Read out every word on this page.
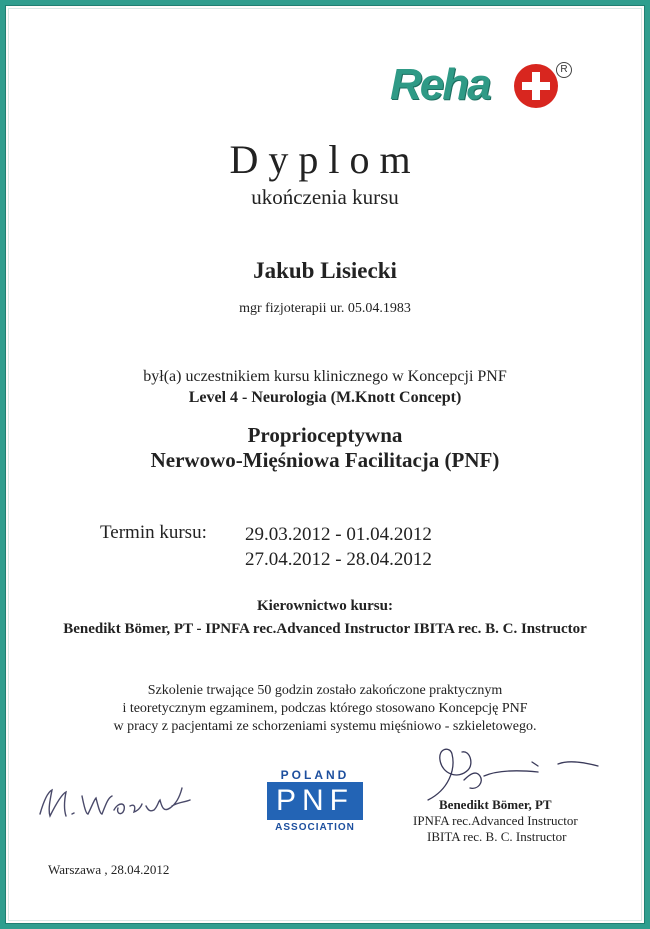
Reha	R
Dyplom
ukończenia kursu
Jakub Lisiecki
mgr fizjoterapii ur. 05.04.1983
był(a) uczestnikiem kursu klinicznego w Koncepcji PNF
Level 4 - Neurologia (M.Knott Concept)
Proprioceptywna
Nerwowo-Mięśniowa Facilitacja (PNF)
Termin kursu: 29.03.2012 - 01.04.2012
27.04.2012 - 28.04.2012
Kierownictwo kursu:
Benedikt Bömer, PT - IPNFA rec.Advanced Instructor IBITA rec. B. C. Instructor
Szkolenie trwające 50 godzin zostało zakończone praktycznym
i teoretycznym egzaminem, podczas którego stosowano Koncepcję PNF
w pracy z pacjentami ze schorzeniami systemu mięśniowo - szkieletowego.
POLAND
PNF
ASSOCIATION
Benedikt Bömer, PT
IPNFA rec.Advanced Instructor
IBITA rec. B. C. Instructor
Warszawa , 28.04.2012
